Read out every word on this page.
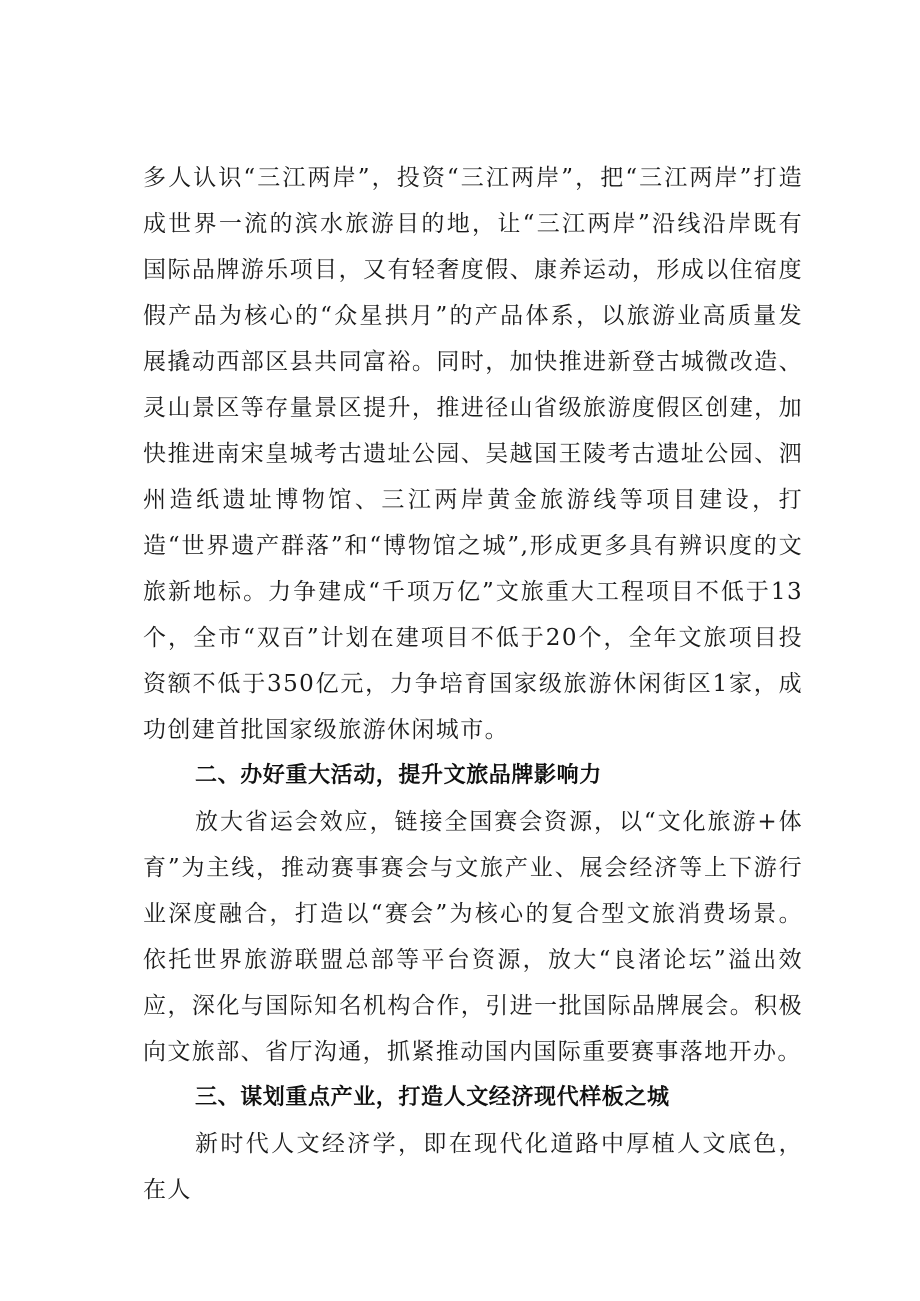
多人认识“三江两岸”，投资“三江两岸”，把“三江两岸”打造成世界一流的滨水旅游目的地，让“三江两岸”沿线沿岸既有国际品牌游乐项目，又有轻奢度假、康养运动，形成以住宿度假产品为核心的“众星拱月”的产品体系，以旅游业高质量发展撬动西部区县共同富裕。同时，加快推进新登古城微改造、灵山景区等存量景区提升，推进径山省级旅游度假区创建，加快推进南宋皇城考古遗址公园、吴越国王陵考古遗址公园、泗州造纸遗址博物馆、三江两岸黄金旅游线等项目建设，打造“世界遗产群落”和“博物馆之城”,形成更多具有辨识度的文旅新地标。力争建成“千项万亿”文旅重大工程项目不低于13个，全市“双百”计划在建项目不低于20个，全年文旅项目投资额不低于350亿元，力争培育国家级旅游休闲街区1家，成功创建首批国家级旅游休闲城市。

二、办好重大活动，提升文旅品牌影响力

放大省运会效应，链接全国赛会资源，以“文化旅游+体育”为主线，推动赛事赛会与文旅产业、展会经济等上下游行业深度融合，打造以“赛会”为核心的复合型文旅消费场景。依托世界旅游联盟总部等平台资源，放大“良渚论坛”溢出效应，深化与国际知名机构合作，引进一批国际品牌展会。积极向文旅部、省厅沟通，抓紧推动国内国际重要赛事落地开办。

三、谋划重点产业，打造人文经济现代样板之城

新时代人文经济学，即在现代化道路中厚植人文底色，在人
